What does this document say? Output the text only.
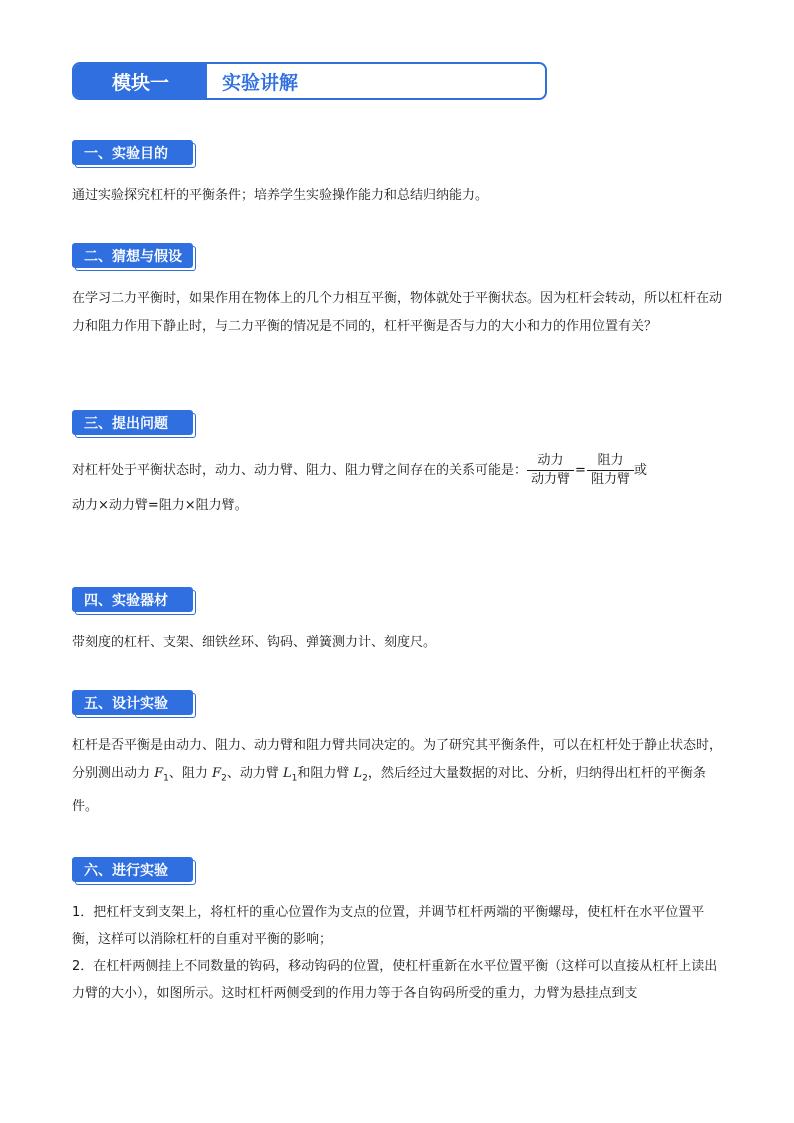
模块一	实验讲解
一、实验目的

通过实验探究杠杆的平衡条件；培养学生实验操作能力和总结归纳能力。

二、猜想与假设

在学习二力平衡时，如果作用在物体上的几个力相互平衡，物体就处于平衡状态。因为杠杆会转动，所以杠杆在动力和阻力作用下静止时，与二力平衡的情况是不同的，杠杆平衡是否与力的大小和力的作用位置有关？

三、提出问题

对杠杆处于平衡状态时，动力、动力臂、阻力、阻力臂之间存在的关系可能是： $\frac{\text{动力}}{\text{动力臂}} = \frac{\text{阻力}}{\text{阻力臂}}$ 或
动力×动力臂=阻力×阻力臂。

四、实验器材

带刻度的杠杆、支架、细铁丝环、钩码、弹簧测力计、刻度尺。

五、设计实验

杠杆是否平衡是由动力、阻力、动力臂和阻力臂共同决定的。为了研究其平衡条件，可以在杠杆处于静止状态时，分别测出动力 $F_1$、阻力 $F_2$、动力臂 $L_1$和阻力臂 $L_2$，然后经过大量数据的对比、分析，归纳得出杠杆的平衡条件。

六、进行实验

1．把杠杆支到支架上，将杠杆的重心位置作为支点的位置，并调节杠杆两端的平衡螺母，使杠杆在水平位置平衡，这样可以消除杠杆的自重对平衡的影响；

2．在杠杆两侧挂上不同数量的钩码，移动钩码的位置，使杠杆重新在水平位置平衡（这样可以直接从杠杆上读出力臂的大小），如图所示。这时杠杆两侧受到的作用力等于各自钩码所受的重力，力臂为悬挂点到支
